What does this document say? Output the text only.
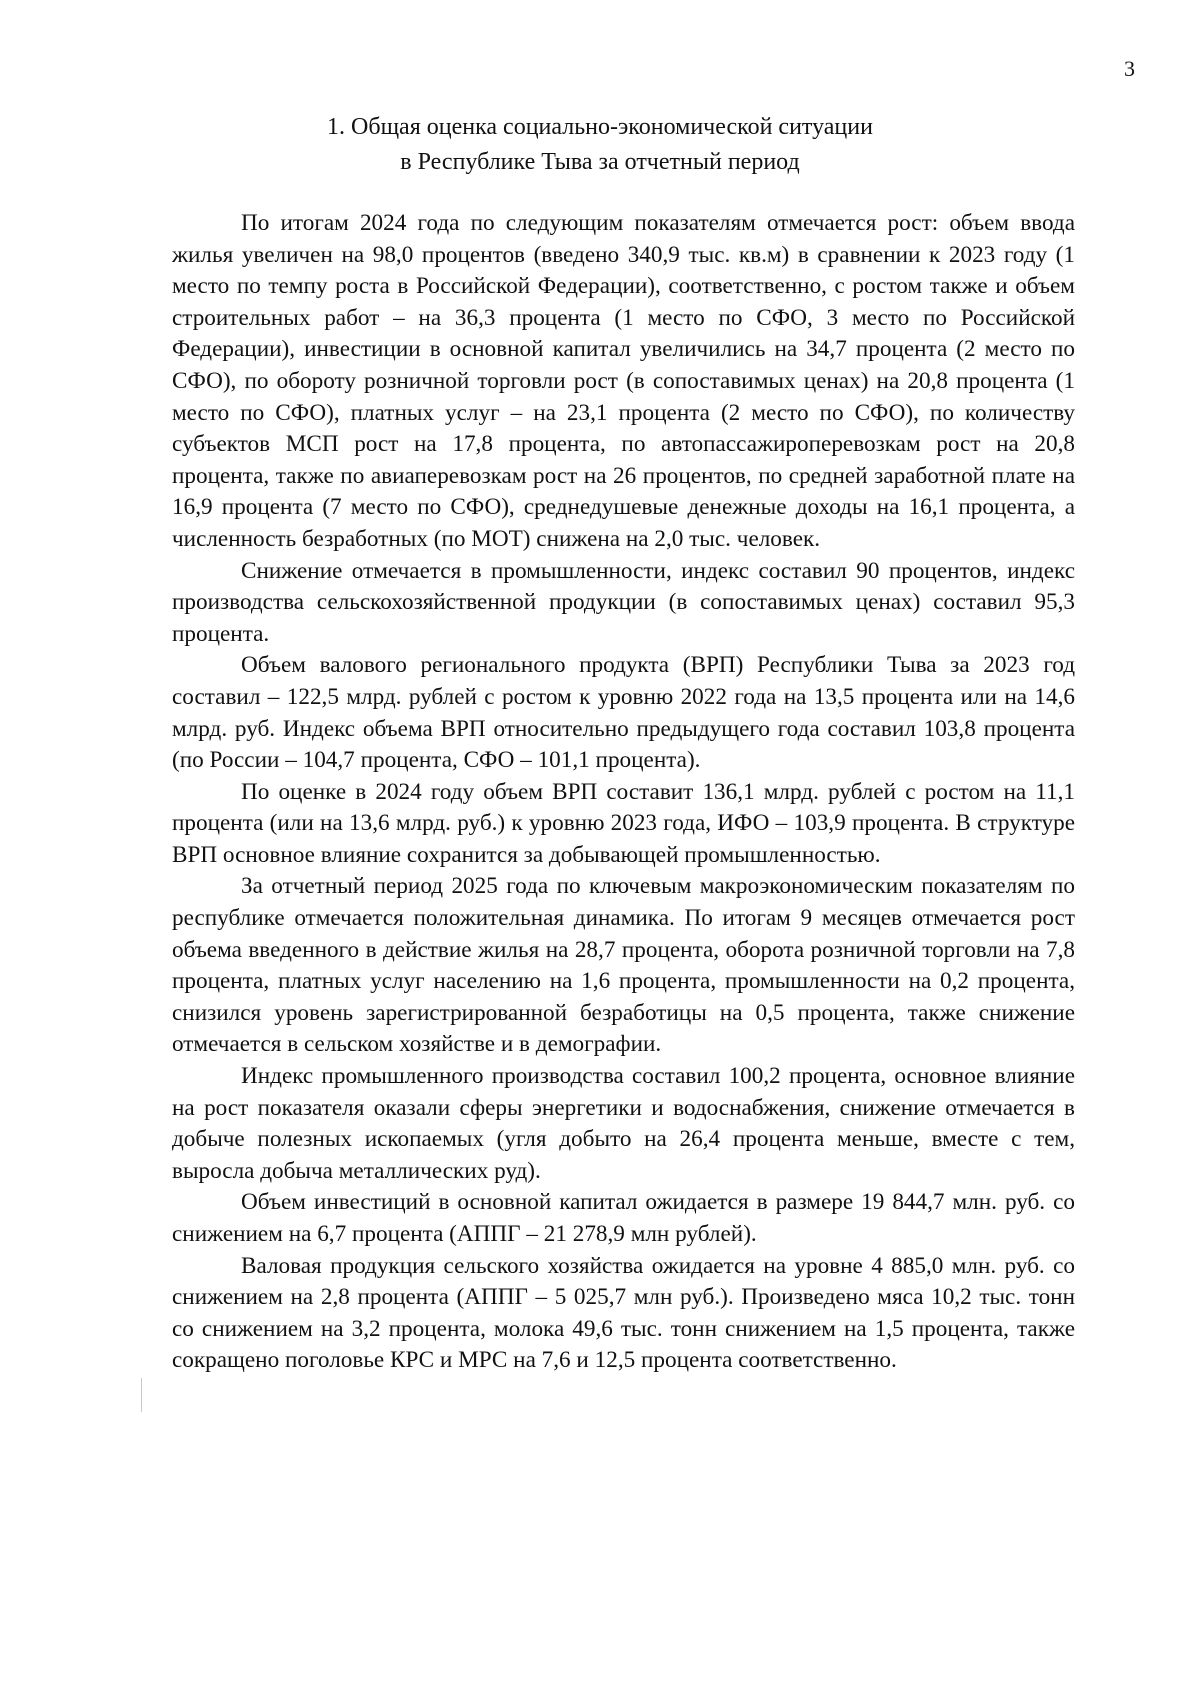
3
1. Общая оценка социально-экономической ситуации
в Республике Тыва за отчетный период

По итогам 2024 года по следующим показателям отмечается рост: объем ввода жилья увеличен на 98,0 процентов (введено 340,9 тыс. кв.м) в сравнении к 2023 году (1 место по темпу роста в Российской Федерации), соответственно, с ростом также и объем строительных работ – на 36,3 процента (1 место по СФО, 3 место по Российской Федерации), инвестиции в основной капитал увеличились на 34,7 процента (2 место по СФО), по обороту розничной торговли рост (в сопоставимых ценах) на 20,8 процента (1 место по СФО), платных услуг – на 23,1 процента (2 место по СФО), по количеству субъектов МСП рост на 17,8 процента, по автопассажироперевозкам рост на 20,8 процента, также по авиаперевозкам рост на 26 процентов, по средней заработной плате на 16,9 процента (7 место по СФО), среднедушевые денежные доходы на 16,1 процента, а численность безработных (по МОТ) снижена на 2,0 тыс. человек.

Снижение отмечается в промышленности, индекс составил 90 процентов, индекс производства сельскохозяйственной продукции (в сопоставимых ценах) составил 95,3 процента.

Объем валового регионального продукта (ВРП) Республики Тыва за 2023 год составил – 122,5 млрд. рублей с ростом к уровню 2022 года на 13,5 процента или на 14,6 млрд. руб. Индекс объема ВРП относительно предыдущего года составил 103,8 процента (по России – 104,7 процента, СФО – 101,1 процента).

По оценке в 2024 году объем ВРП составит 136,1 млрд. рублей с ростом на 11,1 процента (или на 13,6 млрд. руб.) к уровню 2023 года, ИФО – 103,9 процента. В структуре ВРП основное влияние сохранится за добывающей промышленностью.

За отчетный период 2025 года по ключевым макроэкономическим показателям по республике отмечается положительная динамика. По итогам 9 месяцев отмечается рост объема введенного в действие жилья на 28,7 процента, оборота розничной торговли на 7,8 процента, платных услуг населению на 1,6 процента, промышленности на 0,2 процента, снизился уровень зарегистрированной безработицы на 0,5 процента, также снижение отмечается в сельском хозяйстве и в демографии.

Индекс промышленного производства составил 100,2 процента, основное влияние на рост показателя оказали сферы энергетики и водоснабжения, снижение отмечается в добыче полезных ископаемых (угля добыто на 26,4 процента меньше, вместе с тем, выросла добыча металлических руд).

Объем инвестиций в основной капитал ожидается в размере 19 844,7 млн. руб. со снижением на 6,7 процента (АППГ – 21 278,9 млн рублей).

Валовая продукция сельского хозяйства ожидается на уровне 4 885,0 млн. руб. со снижением на 2,8 процента (АППГ – 5 025,7 млн руб.). Произведено мяса 10,2 тыс. тонн со снижением на 3,2 процента, молока 49,6 тыс. тонн снижением на 1,5 процента, также сокращено поголовье КРС и МРС на 7,6 и 12,5 процента соответственно.
